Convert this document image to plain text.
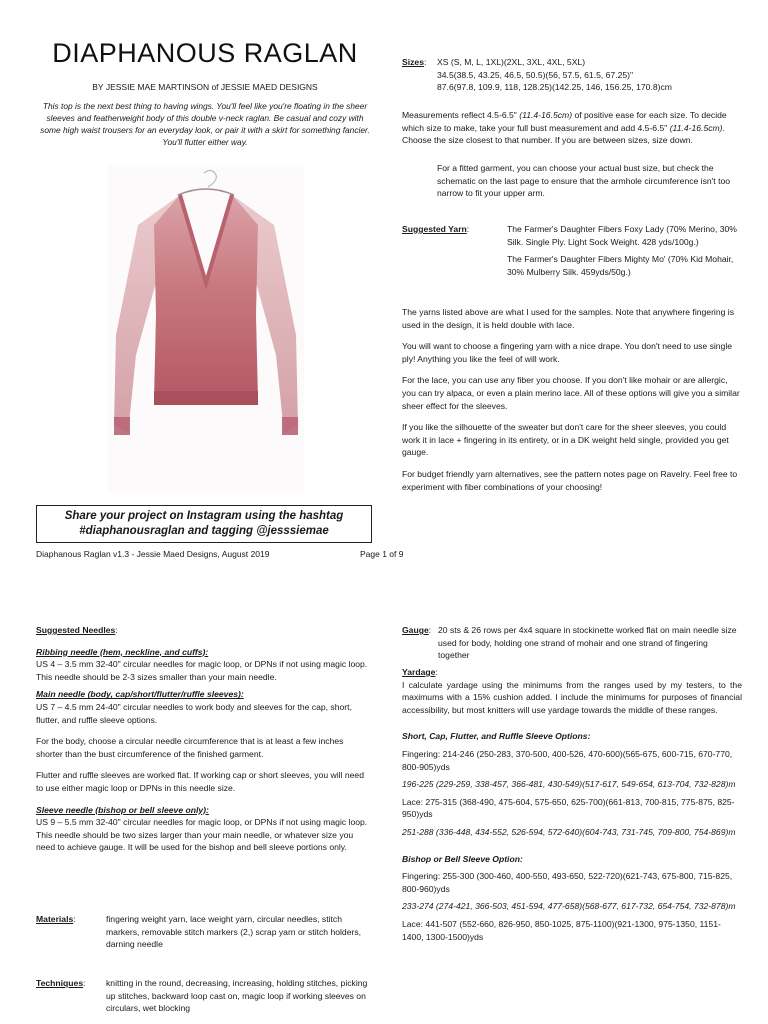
DIAPHANOUS RAGLAN
BY JESSIE MAE MARTINSON of JESSIE MAED DESIGNS
This top is the next best thing to having wings. You'll feel like you're floating in the sheer sleeves and featherweight body of this double v-neck raglan. Be casual and cozy with some high waist trousers for an everyday look, or pair it with a skirt for something fancier. You'll flutter either way.
Share your project on Instagram using the hashtag
#diaphanousraglan and tagging @jesssiemae
Diaphanous Raglan v1.3 - Jessie Maed Designs, August 2019	Page 1 of 9
Sizes:	XS (S, M, L, 1XL)(2XL, 3XL, 4XL, 5XL)
34.5(38.5, 43.25, 46.5, 50.5)(56, 57.5, 61.5, 67.25)"
87.6(97.8, 109.9, 118, 128.25)(142.25, 146, 156.25, 170.8)cm
Measurements reflect 4.5-6.5" (11.4-16.5cm) of positive ease for each size. To decide which size to make, take your full bust measurement and add 4.5-6.5" (11.4-16.5cm). Choose the size closest to that number. If you are between sizes, size down.
For a fitted garment, you can choose your actual bust size, but check the schematic on the last page to ensure that the armhole circumference isn't too narrow to fit your upper arm.
Suggested Yarn:	The Farmer's Daughter Fibers Foxy Lady (70% Merino, 30% Silk. Single Ply. Light Sock Weight. 428 yds/100g.)
The Farmer's Daughter Fibers Mighty Mo' (70% Kid Mohair, 30% Mulberry Silk. 459yds/50g.)
The yarns listed above are what I used for the samples. Note that anywhere fingering is used in the design, it is held double with lace.
You will want to choose a fingering yarn with a nice drape. You don't need to use single ply! Anything you like the feel of will work.
For the lace, you can use any fiber you choose. If you don't like mohair or are allergic, you can try alpaca, or even a plain merino lace. All of these options will give you a similar sheer effect for the sleeves.
If you like the silhouette of the sweater but don't care for the sheer sleeves, you could work it in lace + fingering in its entirety, or in a DK weight held single, provided you get gauge.
For budget friendly yarn alternatives, see the pattern notes page on Ravelry. Feel free to experiment with fiber combinations of your choosing!
Suggested Needles:
Ribbing needle (hem, neckline, and cuffs):
US 4 – 3.5 mm 32-40" circular needles for magic loop, or DPNs if not using magic loop. This needle should be 2-3 sizes smaller than your main needle.
Main needle (body, cap/short/flutter/ruffle sleeves):
US 7 – 4.5 mm 24-40" circular needles to work body and sleeves for the cap, short, flutter, and ruffle sleeve options.
For the body, choose a circular needle circumference that is at least a few inches shorter than the bust circumference of the finished garment.
Flutter and ruffle sleeves are worked flat. If working cap or short sleeves, you will need to use either magic loop or DPNs in this needle size.
Sleeve needle (bishop or bell sleeve only):
US 9 – 5.5 mm 32-40" circular needles for magic loop, or DPNs if not using magic loop. This needle should be two sizes larger than your main needle, or whatever size you need to achieve gauge. It will be used for the bishop and bell sleeve portions only.
Materials:	fingering weight yarn, lace weight yarn, circular needles, stitch markers, removable stitch markers (2,) scrap yarn or stitch holders, darning needle
Techniques:	knitting in the round, decreasing, increasing, holding stitches, picking up stitches, backward loop cast on, magic loop if working sleeves on circulars, wet blocking
Gauge: 20 sts & 26 rows per 4x4 square in stockinette worked flat on main needle size used for body, holding one strand of mohair and one strand of fingering together
Yardage:
I calculate yardage using the minimums from the ranges used by my testers, to the maximums with a 15% cushion added. I include the minimums for purposes of financial accessibility, but most knitters will use yardage towards the middle of these ranges.
Short, Cap, Flutter, and Ruffle Sleeve Options:
Fingering: 214-246 (250-283, 370-500, 400-526, 470-600)(565-675, 600-715, 670-770, 800-905)yds
196-225 (229-259, 338-457, 366-481, 430-549)(517-617, 549-654, 613-704, 732-828)m
Lace: 275-315 (368-490, 475-604, 575-650, 625-700)(661-813, 700-815, 775-875, 825-950)yds
251-288 (336-448, 434-552, 526-594, 572-640)(604-743, 731-745, 709-800, 754-869)m
Bishop or Bell Sleeve Option:
Fingering: 255-300 (300-460, 400-550, 493-650, 522-720)(621-743, 675-800, 715-825, 800-960)yds
233-274 (274-421, 366-503, 451-594, 477-658)(568-677, 617-732, 654-754, 732-878)m
Lace: 441-507 (552-660, 826-950, 850-1025, 875-1100)(921-1300, 975-1350, 1151-1400, 1300-1500)yds
